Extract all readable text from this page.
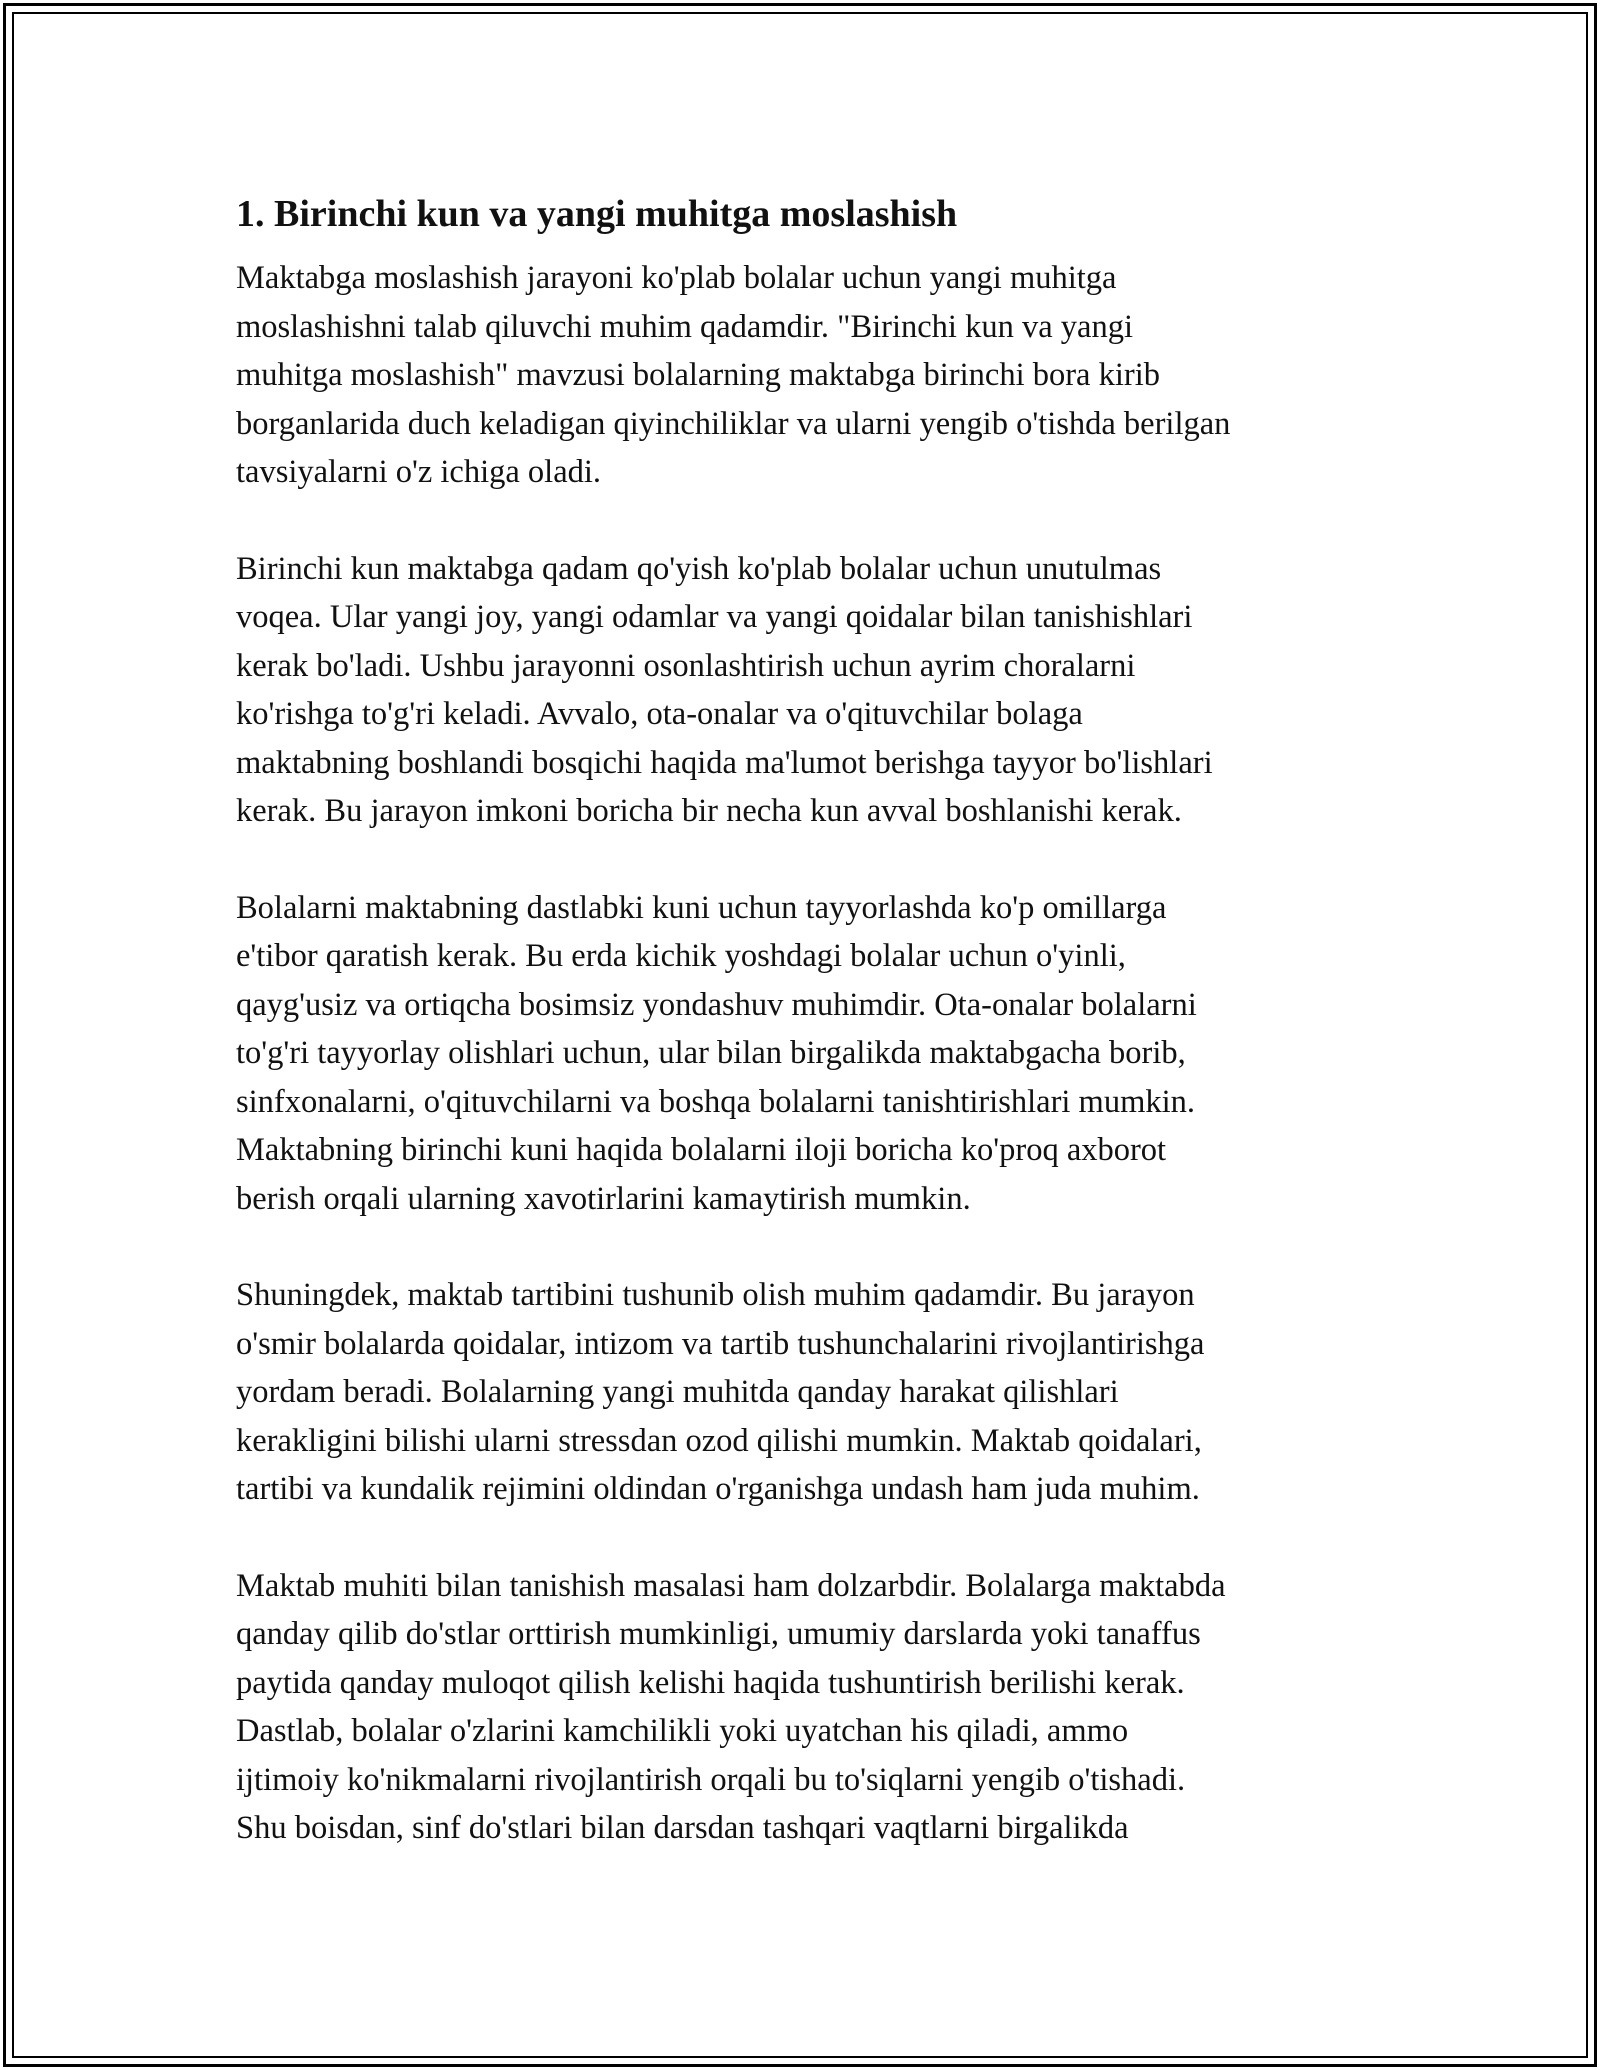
1. Birinchi kun va yangi muhitga moslashish
Maktabga moslashish jarayoni ko'plab bolalar uchun yangi muhitga
moslashishni talab qiluvchi muhim qadamdir. "Birinchi kun va yangi
muhitga moslashish" mavzusi bolalarning maktabga birinchi bora kirib
borganlarida duch keladigan qiyinchiliklar va ularni yengib o'tishda berilgan
tavsiyalarni o'z ichiga oladi.
Birinchi kun maktabga qadam qo'yish ko'plab bolalar uchun unutulmas
voqea. Ular yangi joy, yangi odamlar va yangi qoidalar bilan tanishishlari
kerak bo'ladi. Ushbu jarayonni osonlashtirish uchun ayrim choralarni
ko'rishga to'g'ri keladi. Avvalo, ota-onalar va o'qituvchilar bolaga
maktabning boshlandi bosqichi haqida ma'lumot berishga tayyor bo'lishlari
kerak. Bu jarayon imkoni boricha bir necha kun avval boshlanishi kerak.
Bolalarni maktabning dastlabki kuni uchun tayyorlashda ko'p omillarga
e'tibor qaratish kerak. Bu erda kichik yoshdagi bolalar uchun o'yinli,
qayg'usiz va ortiqcha bosimsiz yondashuv muhimdir. Ota-onalar bolalarni
to'g'ri tayyorlay olishlari uchun, ular bilan birgalikda maktabgacha borib,
sinfxonalarni, o'qituvchilarni va boshqa bolalarni tanishtirishlari mumkin.
Maktabning birinchi kuni haqida bolalarni iloji boricha ko'proq axborot
berish orqali ularning xavotirlarini kamaytirish mumkin.
Shuningdek, maktab tartibini tushunib olish muhim qadamdir. Bu jarayon
o'smir bolalarda qoidalar, intizom va tartib tushunchalarini rivojlantirishga
yordam beradi. Bolalarning yangi muhitda qanday harakat qilishlari
kerakligini bilishi ularni stressdan ozod qilishi mumkin. Maktab qoidalari,
tartibi va kundalik rejimini oldindan o'rganishga undash ham juda muhim.
Maktab muhiti bilan tanishish masalasi ham dolzarbdir. Bolalarga maktabda
qanday qilib do'stlar orttirish mumkinligi, umumiy darslarda yoki tanaffus
paytida qanday muloqot qilish kelishi haqida tushuntirish berilishi kerak.
Dastlab, bolalar o'zlarini kamchilikli yoki uyatchan his qiladi, ammo
ijtimoiy ko'nikmalarni rivojlantirish orqali bu to'siqlarni yengib o'tishadi.
Shu boisdan, sinf do'stlari bilan darsdan tashqari vaqtlarni birgalikda
